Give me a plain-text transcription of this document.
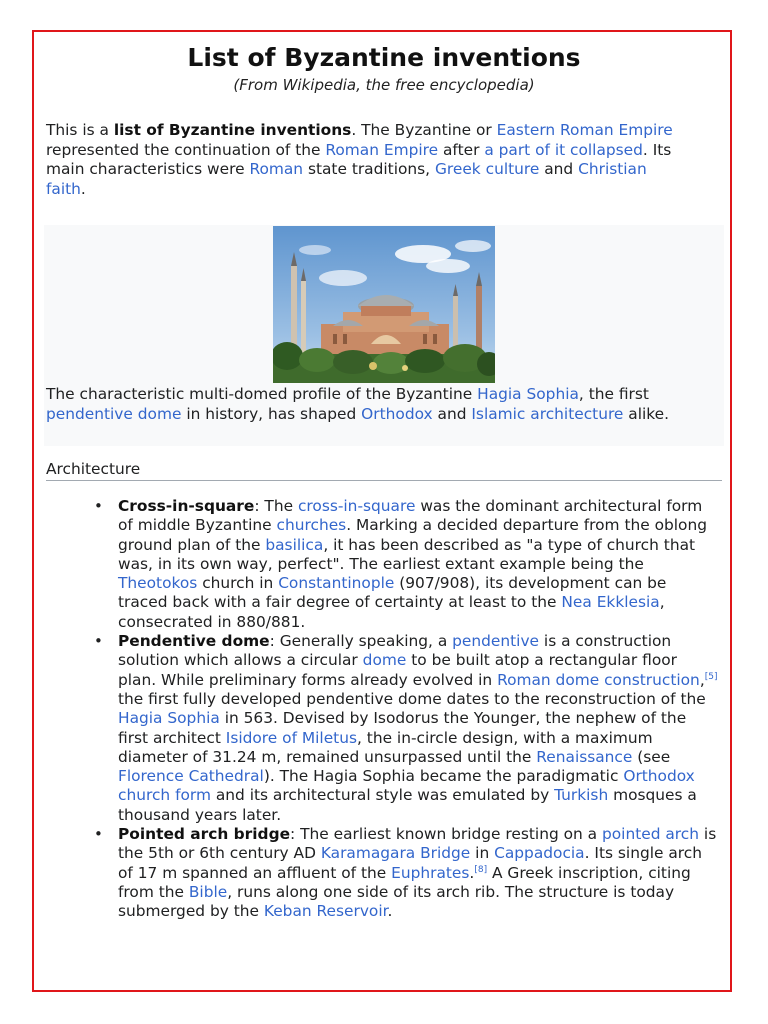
List of Byzantine inventions
(From Wikipedia, the free encyclopedia)

This is a list of Byzantine inventions. The Byzantine or Eastern Roman Empire represented the continuation of the Roman Empire after a part of it collapsed. Its main characteristics were Roman state traditions, Greek culture and Christian faith.

The characteristic multi-domed profile of the Byzantine Hagia Sophia, the first pendentive dome in history, has shaped Orthodox and Islamic architecture alike.

Architecture
• Cross-in-square: The cross-in-square was the dominant architectural form of middle Byzantine churches. Marking a decided departure from the oblong ground plan of the basilica, it has been described as "a type of church that was, in its own way, perfect". The earliest extant example being the Theotokos church in Constantinople (907/908), its development can be traced back with a fair degree of certainty at least to the Nea Ekklesia, consecrated in 880/881.
• Pendentive dome: Generally speaking, a pendentive is a construction solution which allows a circular dome to be built atop a rectangular floor plan. While preliminary forms already evolved in Roman dome construction,[5] the first fully developed pendentive dome dates to the reconstruction of the Hagia Sophia in 563. Devised by Isodorus the Younger, the nephew of the first architect Isidore of Miletus, the in-circle design, with a maximum diameter of 31.24 m, remained unsurpassed until the Renaissance (see Florence Cathedral). The Hagia Sophia became the paradigmatic Orthodox church form and its architectural style was emulated by Turkish mosques a thousand years later.
• Pointed arch bridge: The earliest known bridge resting on a pointed arch is the 5th or 6th century AD Karamagara Bridge in Cappadocia. Its single arch of 17 m spanned an affluent of the Euphrates.[8] A Greek inscription, citing from the Bible, runs along one side of its arch rib. The structure is today submerged by the Keban Reservoir.
